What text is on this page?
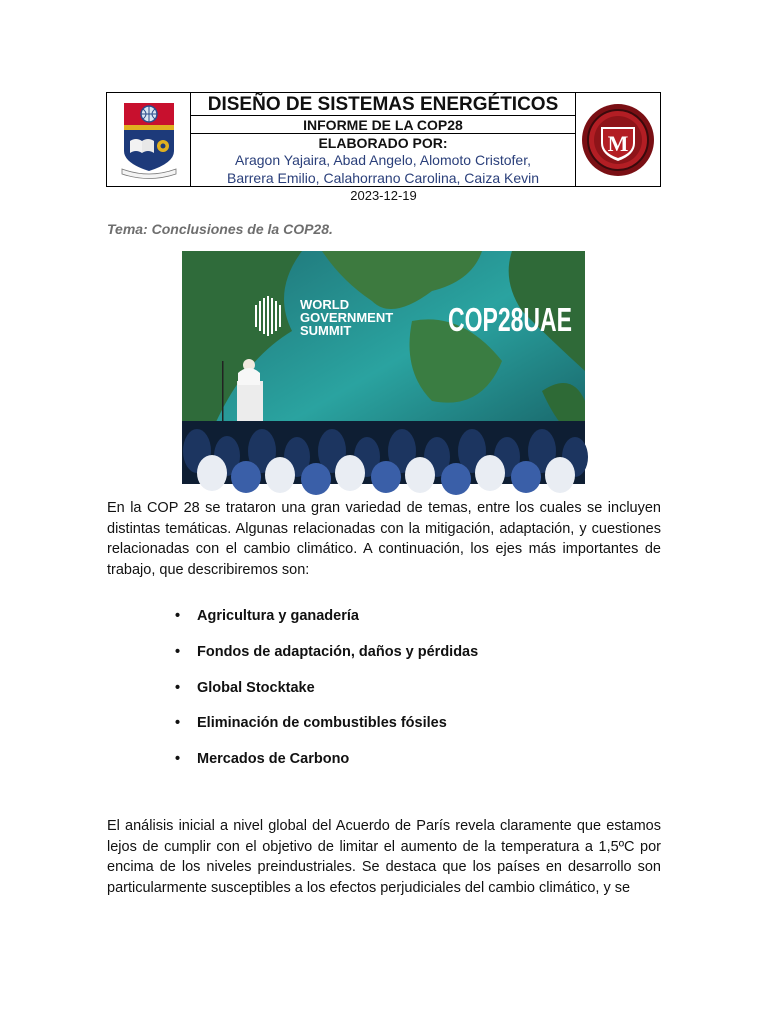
DISEÑO DE SISTEMAS ENERGÉTICOS
INFORME DE LA COP28
ELABORADO POR:
Aragon Yajaira, Abad Angelo, Alomoto Cristofer,
Barrera Emilio, Calahorrano Carolina, Caiza Kevin
M
2023-12-19
Tema: Conclusiones de la COP28.
WORLD
GOVERNMENT
SUMMIT	COP28UAE
En la COP 28 se trataron una gran variedad de temas, entre los cuales se incluyen distintas temáticas. Algunas relacionadas con la mitigación, adaptación, y cuestiones relacionadas con el cambio climático. A continuación, los ejes más importantes de trabajo, que describiremos son:
• Agricultura y ganadería
• Fondos de adaptación, daños y pérdidas
• Global Stocktake
• Eliminación de combustibles fósiles
• Mercados de Carbono
El análisis inicial a nivel global del Acuerdo de París revela claramente que estamos lejos de cumplir con el objetivo de limitar el aumento de la temperatura a 1,5ºC por encima de los niveles preindustriales. Se destaca que los países en desarrollo son particularmente susceptibles a los efectos perjudiciales del cambio climático, y se
